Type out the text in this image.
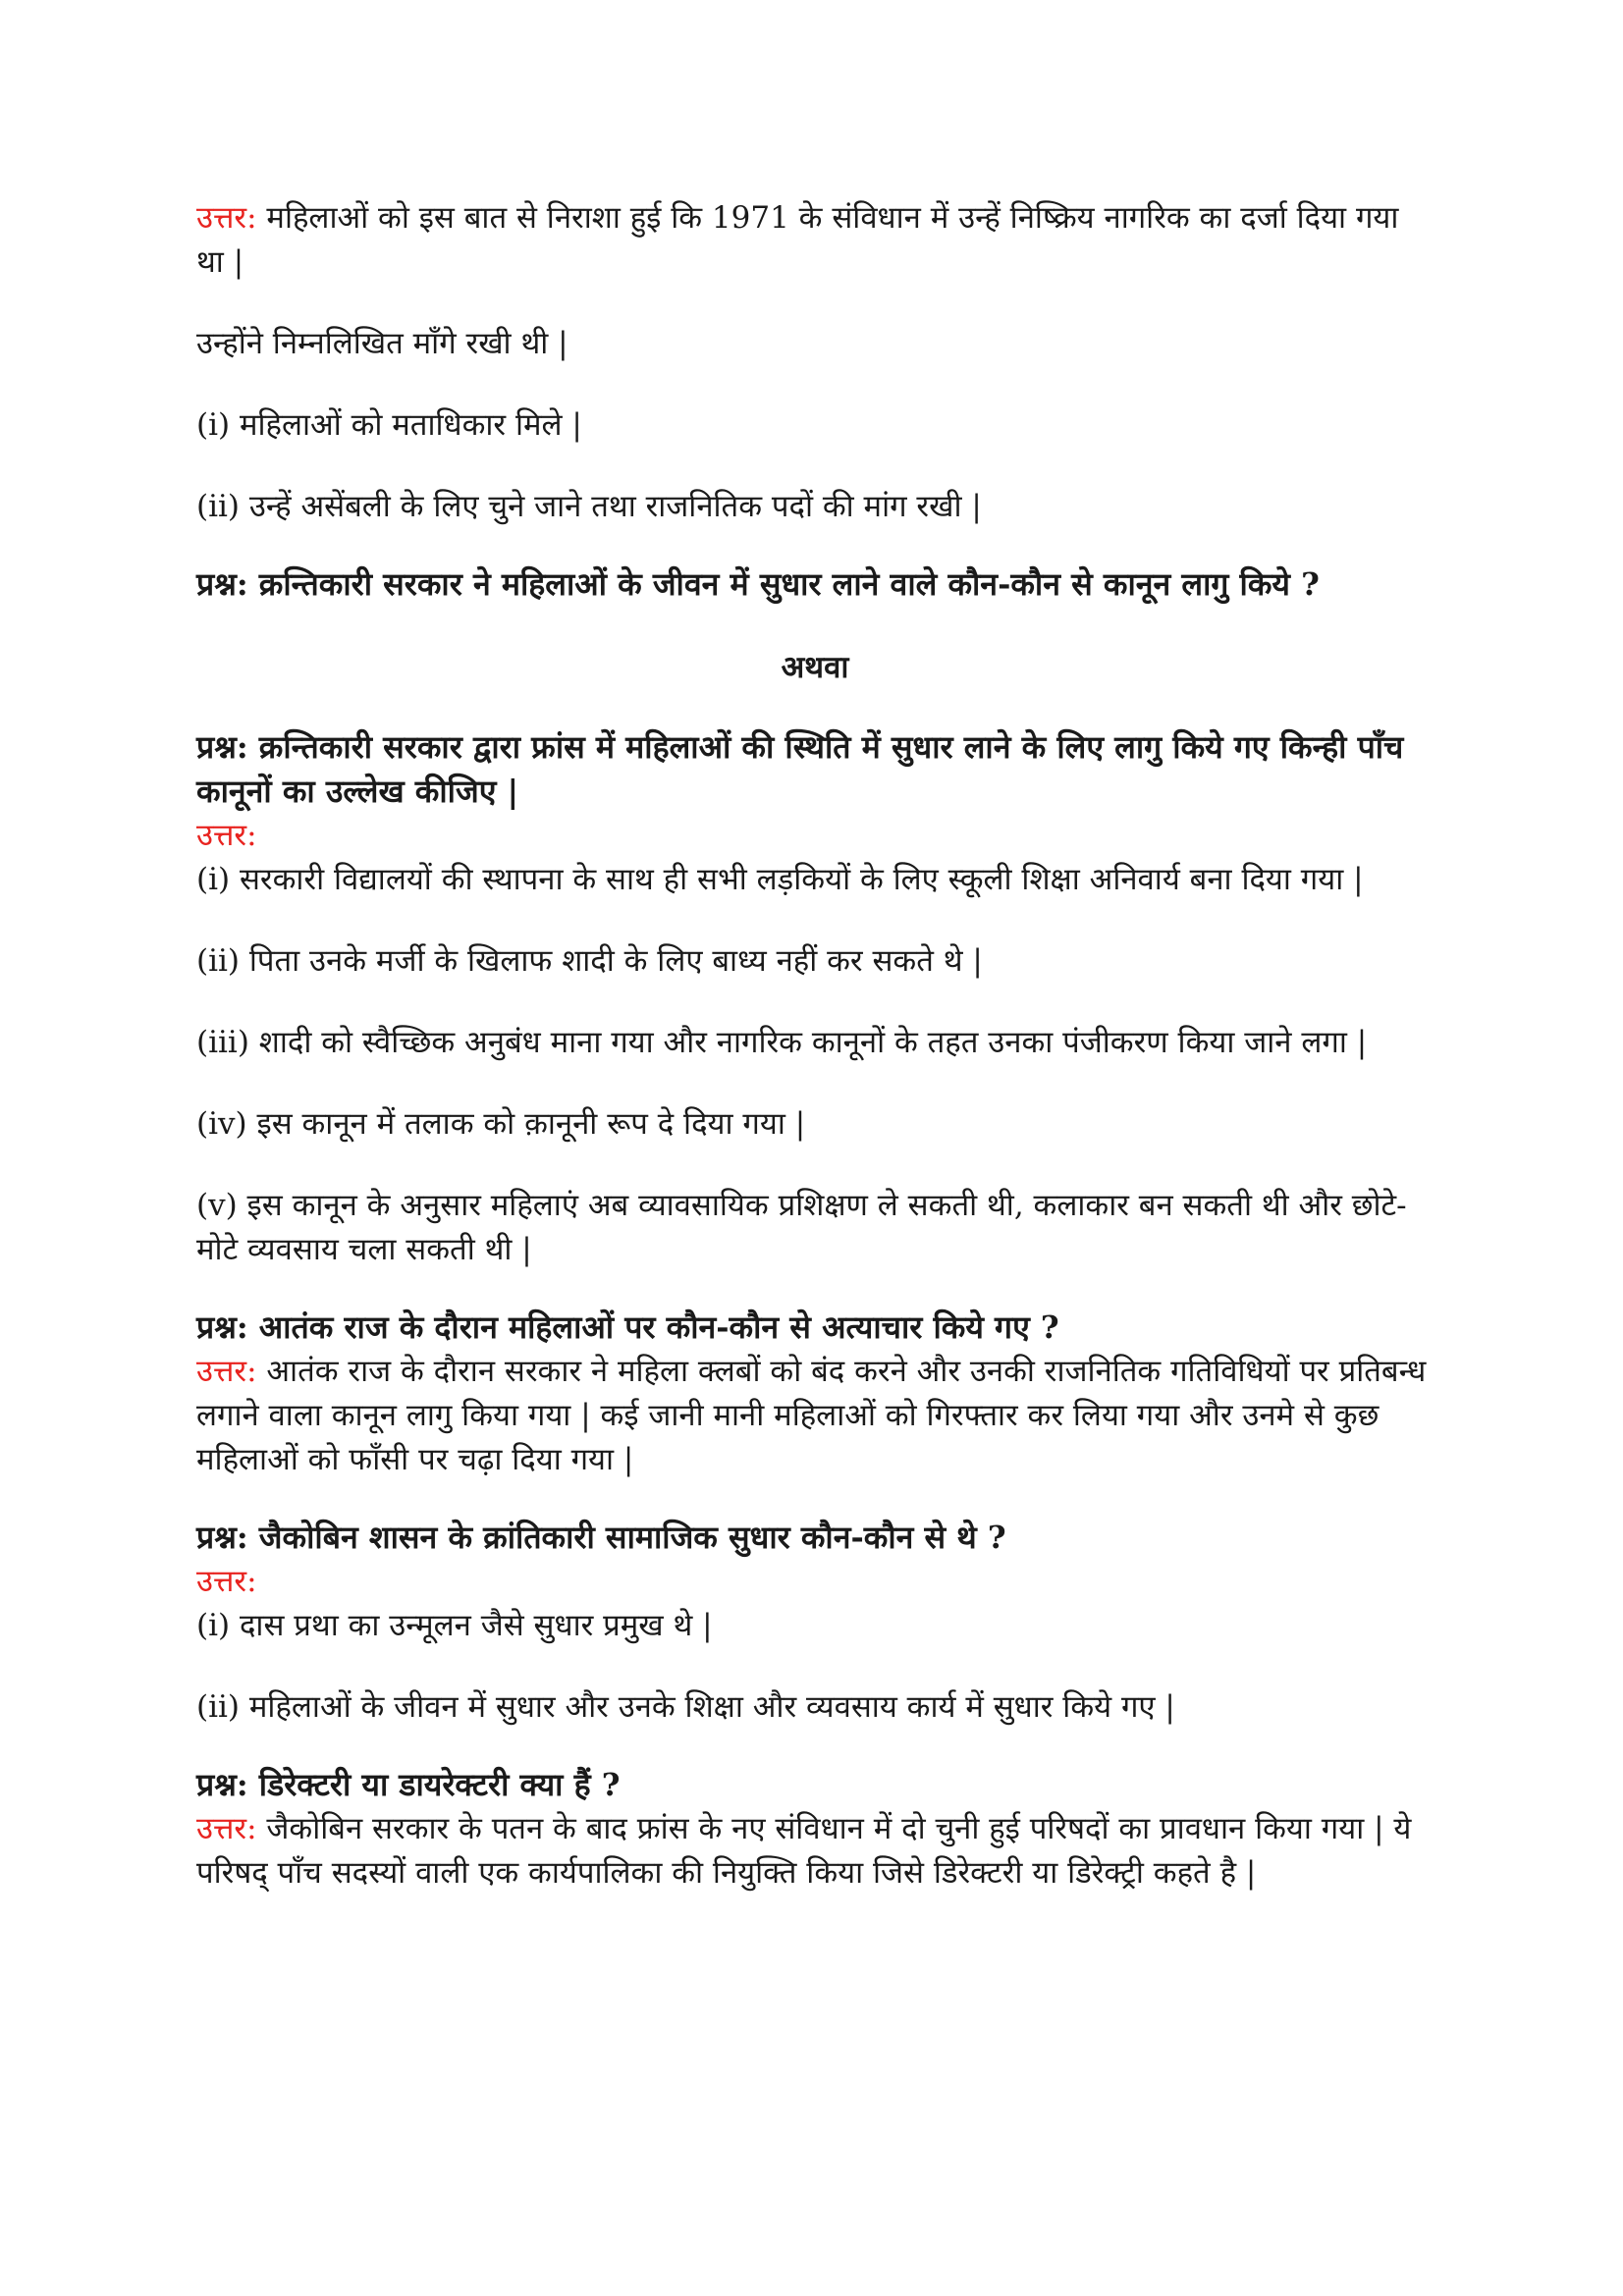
उत्तर: महिलाओं को इस बात से निराशा हुई कि 1971 के संविधान में उन्हें निष्क्रिय नागरिक का दर्जा दिया गया था |

उन्होंने निम्नलिखित माँगे रखी थी |

(i) महिलाओं को मताधिकार मिले |

(ii) उन्हें असेंबली के लिए चुने जाने तथा राजनितिक पदों की मांग रखी |

प्रश्न: क्रन्तिकारी सरकार ने महिलाओं के जीवन में सुधार लाने वाले कौन-कौन से कानून लागु किये ?

अथवा

प्रश्न: क्रन्तिकारी सरकार द्वारा फ्रांस में महिलाओं की स्थिति में सुधार लाने के लिए लागु किये गए किन्ही पाँच कानूनों का उल्लेख कीजिए |

उत्तर:

(i) सरकारी विद्यालयों की स्थापना के साथ ही सभी लड़कियों के लिए स्कूली शिक्षा अनिवार्य बना दिया गया |

(ii) पिता उनके मर्जी के खिलाफ शादी के लिए बाध्य नहीं कर सकते थे |

(iii) शादी को स्वैच्छिक अनुबंध माना गया और नागरिक कानूनों के तहत उनका पंजीकरण किया जाने लगा |

(iv) इस कानून में तलाक को क़ानूनी रूप दे दिया गया |

(v) इस कानून के अनुसार महिलाएं अब व्यावसायिक प्रशिक्षण ले सकती थी, कलाकार बन सकती थी और छोटे-मोटे व्यवसाय चला सकती थी |

प्रश्न: आतंक राज के दौरान महिलाओं पर कौन-कौन से अत्याचार किये गए ?

उत्तर: आतंक राज के दौरान सरकार ने महिला क्लबों को बंद करने और उनकी राजनितिक गतिविधियों पर प्रतिबन्ध लगाने वाला कानून लागु किया गया | कई जानी मानी महिलाओं को गिरफ्तार कर लिया गया और उनमे से कुछ महिलाओं को फाँसी पर चढ़ा दिया गया |

प्रश्न: जैकोबिन शासन के क्रांतिकारी सामाजिक सुधार कौन-कौन से थे ?

उत्तर:

(i) दास प्रथा का उन्मूलन जैसे सुधार प्रमुख थे |

(ii) महिलाओं के जीवन में सुधार और उनके शिक्षा और व्यवसाय कार्य में सुधार किये गए |

प्रश्न: डिरेक्टरी या डायरेक्टरी क्या हैं ?

उत्तर: जैकोबिन सरकार के पतन के बाद फ्रांस के नए संविधान में दो चुनी हुई परिषदों का प्रावधान किया गया | ये परिषद् पाँच सदस्यों वाली एक कार्यपालिका की नियुक्ति किया जिसे डिरेक्टरी या डिरेक्ट्री कहते है |
